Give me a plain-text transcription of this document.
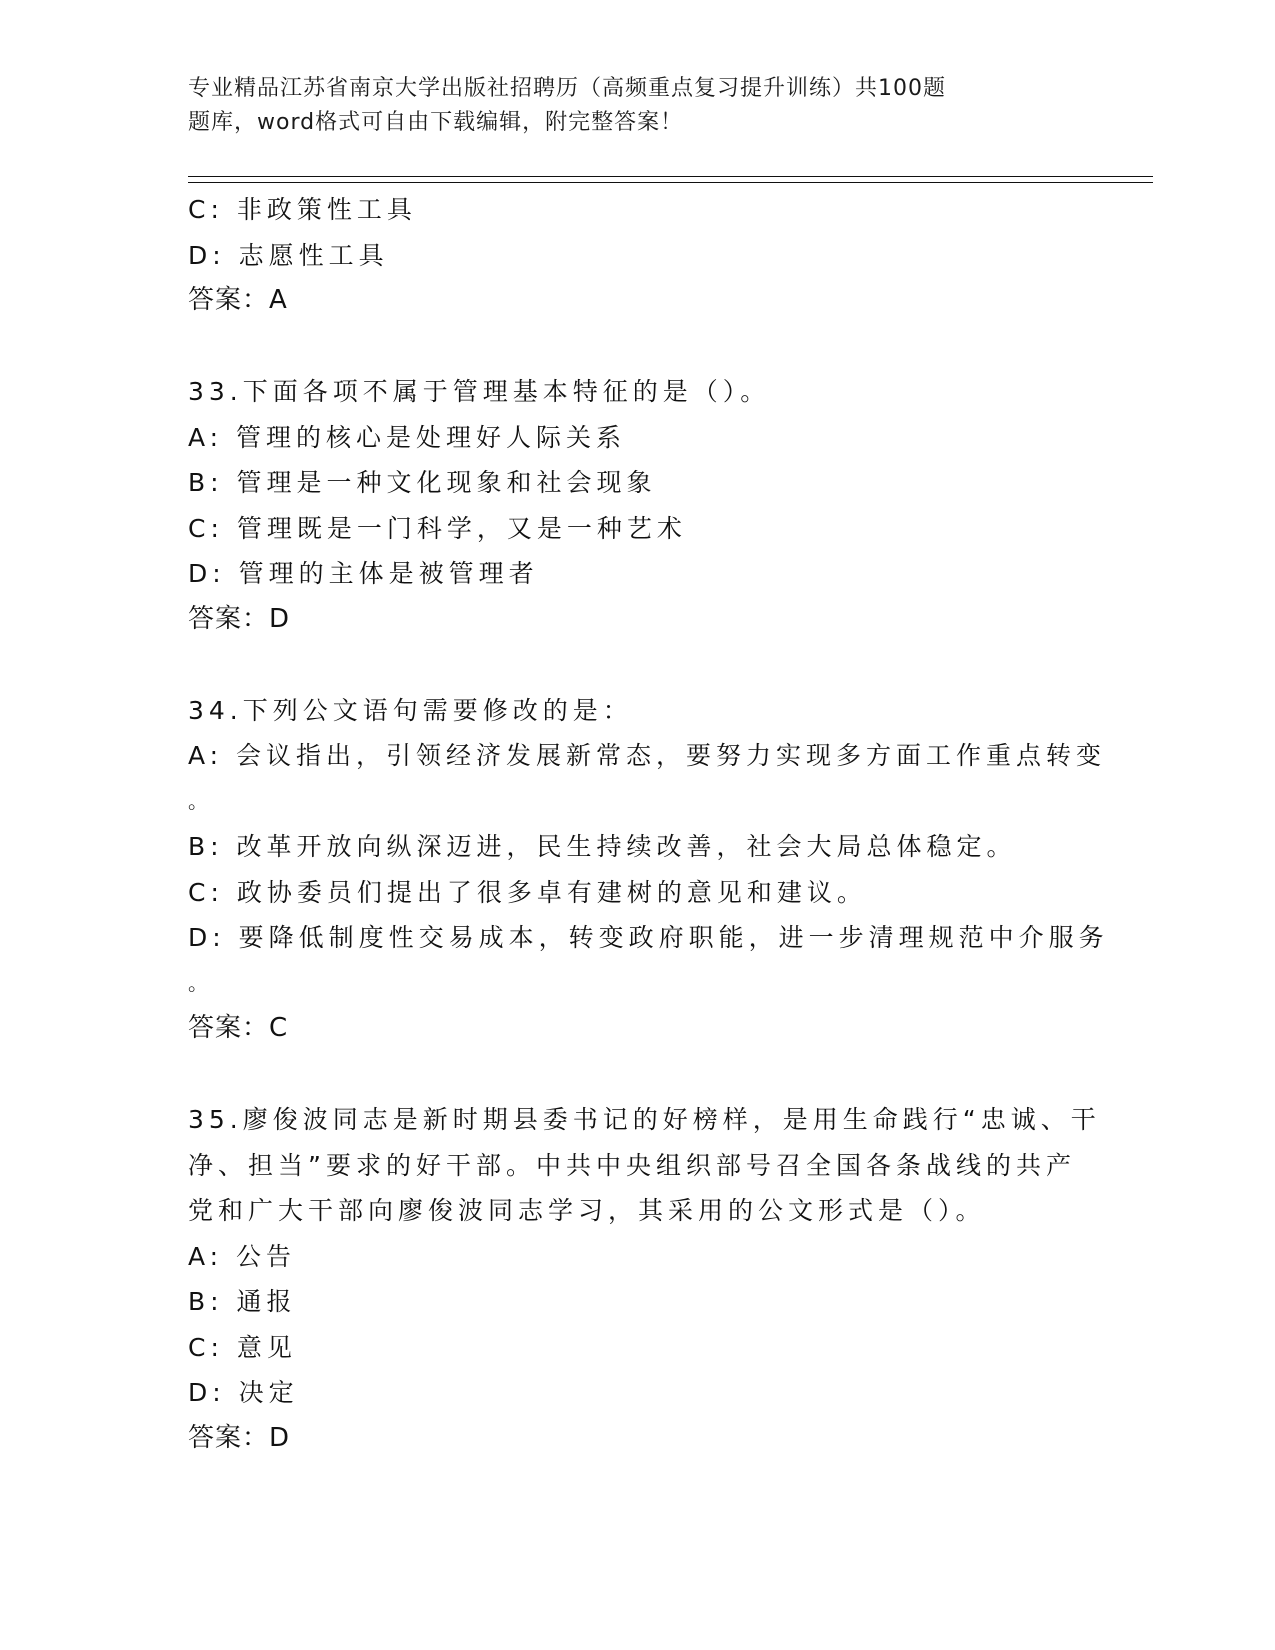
专业精品江苏省南京大学出版社招聘历（高频重点复习提升训练）共100题
题库，word格式可自由下载编辑，附完整答案！
C: 非政策性工具
D: 志愿性工具
答案：A
33.下面各项不属于管理基本特征的是（）。
A: 管理的核心是处理好人际关系
B: 管理是一种文化现象和社会现象
C: 管理既是一门科学，又是一种艺术
D: 管理的主体是被管理者
答案：D
34.下列公文语句需要修改的是：
A: 会议指出，引领经济发展新常态，要努力实现多方面工作重点转变
。
B: 改革开放向纵深迈进，民生持续改善，社会大局总体稳定。
C: 政协委员们提出了很多卓有建树的意见和建议。
D: 要降低制度性交易成本，转变政府职能，进一步清理规范中介服务
。
答案：C
35.廖俊波同志是新时期县委书记的好榜样，是用生命践行“忠诚、干
净、担当”要求的好干部。中共中央组织部号召全国各条战线的共产
党和广大干部向廖俊波同志学习，其采用的公文形式是（）。
A: 公告
B: 通报
C: 意见
D: 决定
答案：D
